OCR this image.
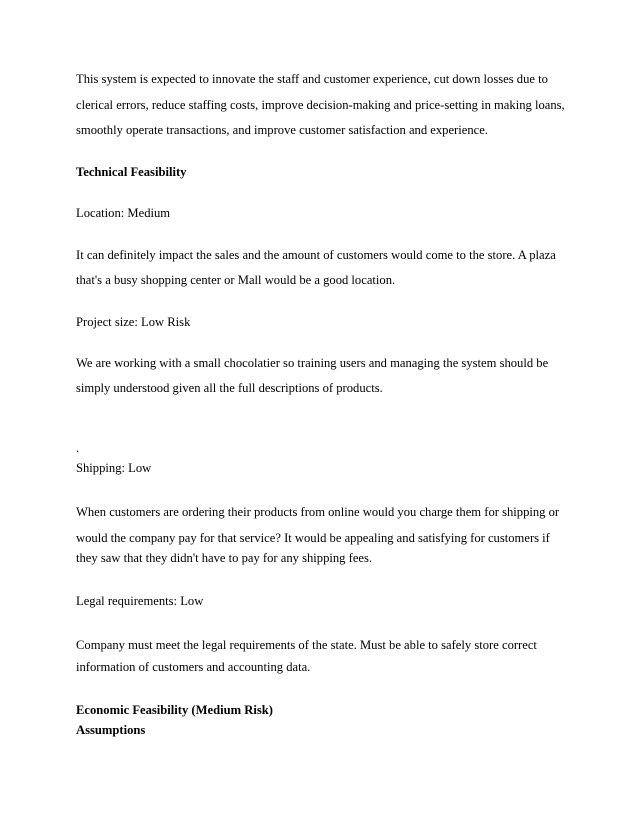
This system is expected to innovate the staff and customer experience, cut down losses due to
clerical errors, reduce staffing costs, improve decision-making and price-setting in making loans,
smoothly operate transactions, and improve customer satisfaction and experience.
Technical Feasibility
Location: Medium
It can definitely impact the sales and the amount of customers would come to the store. A plaza
that's a busy shopping center or Mall would be a good location.
Project size: Low Risk
We are working with a small chocolatier so training users and managing the system should be
simply understood given all the full descriptions of products.
.
Shipping: Low
When customers are ordering their products from online would you charge them for shipping or
would the company pay for that service? It would be appealing and satisfying for customers if
they saw that they didn't have to pay for any shipping fees.
Legal requirements: Low
Company must meet the legal requirements of the state. Must be able to safely store correct
information of customers and accounting data.
Economic Feasibility (Medium Risk)
Assumptions
